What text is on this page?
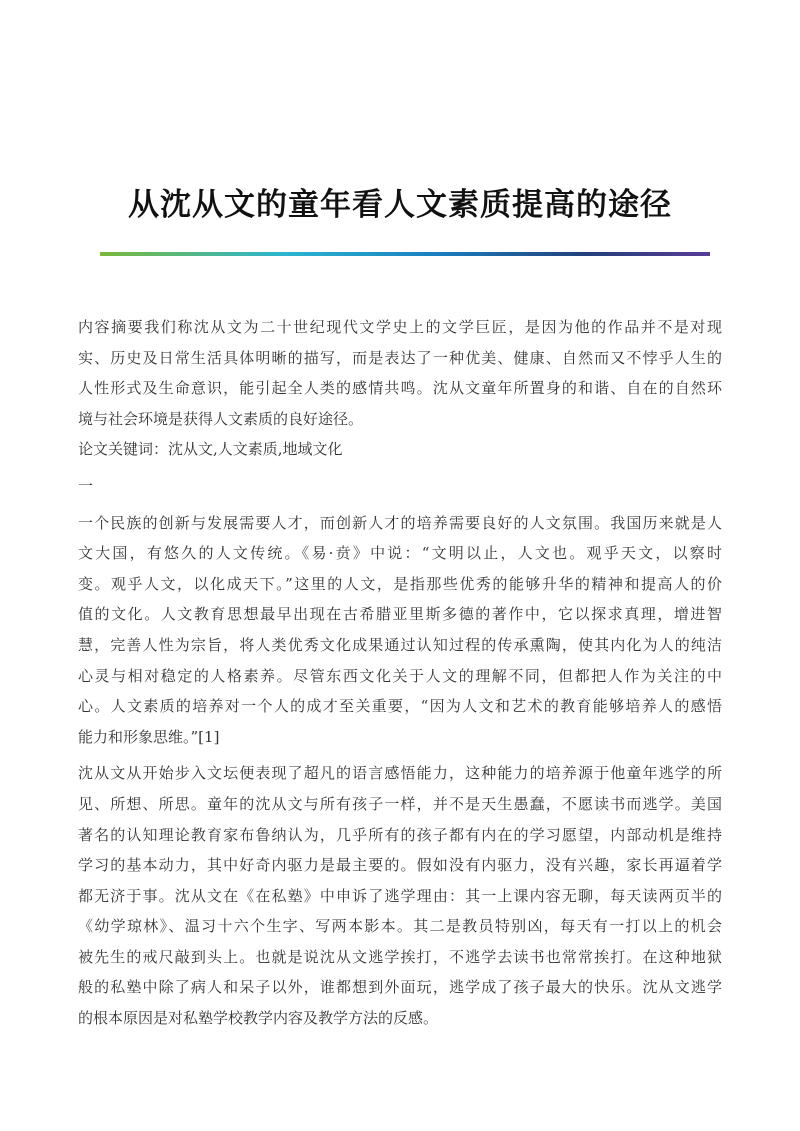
从沈从文的童年看人文素质提高的途径
内容摘要我们称沈从文为二十世纪现代文学史上的文学巨匠，是因为他的作品并不是对现
实、历史及日常生活具体明晰的描写，而是表达了一种优美、健康、自然而又不悖乎人生的
人性形式及生命意识，能引起全人类的感情共鸣。沈从文童年所置身的和谐、自在的自然环
境与社会环境是获得人文素质的良好途径。
论文关键词：沈从文,人文素质,地域文化
一
一个民族的创新与发展需要人才，而创新人才的培养需要良好的人文氛围。我国历来就是人
文大国，有悠久的人文传统。《易·贲》中说：“文明以止，人文也。观乎天文，以察时
变。观乎人文，以化成天下。”这里的人文，是指那些优秀的能够升华的精神和提高人的价
值的文化。人文教育思想最早出现在古希腊亚里斯多德的著作中，它以探求真理，增进智
慧，完善人性为宗旨，将人类优秀文化成果通过认知过程的传承熏陶，使其内化为人的纯洁
心灵与相对稳定的人格素养。尽管东西文化关于人文的理解不同，但都把人作为关注的中
心。人文素质的培养对一个人的成才至关重要，“因为人文和艺术的教育能够培养人的感悟
能力和形象思维。”[1]
沈从文从开始步入文坛便表现了超凡的语言感悟能力，这种能力的培养源于他童年逃学的所
见、所想、所思。童年的沈从文与所有孩子一样，并不是天生愚蠢，不愿读书而逃学。美国
著名的认知理论教育家布鲁纳认为，几乎所有的孩子都有内在的学习愿望，内部动机是维持
学习的基本动力，其中好奇内驱力是最主要的。假如没有内驱力，没有兴趣，家长再逼着学
都无济于事。沈从文在《在私塾》中申诉了逃学理由：其一上课内容无聊，每天读两页半的
《幼学琼林》、温习十六个生字、写两本影本。其二是教员特别凶，每天有一打以上的机会
被先生的戒尺敲到头上。也就是说沈从文逃学挨打，不逃学去读书也常常挨打。在这种地狱
般的私塾中除了病人和呆子以外，谁都想到外面玩，逃学成了孩子最大的快乐。沈从文逃学
的根本原因是对私塾学校教学内容及教学方法的反感。
